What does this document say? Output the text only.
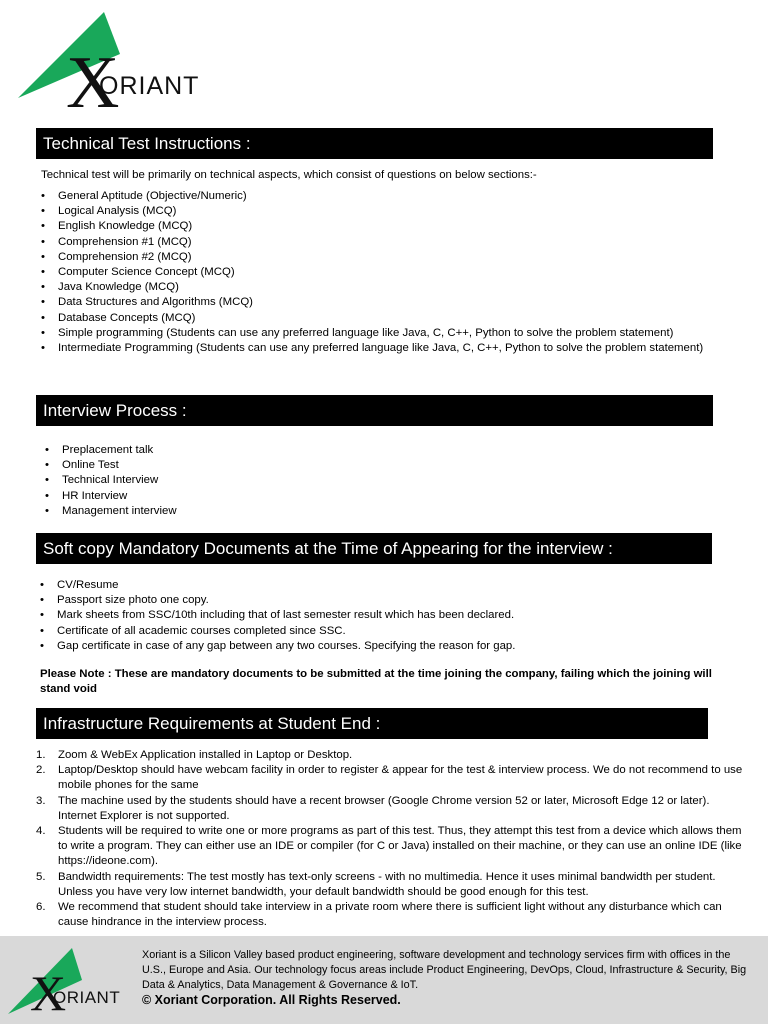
X
ORIANT
Technical Test Instructions :
Technical test will be primarily on technical aspects, which consist of questions on below sections:-
• General Aptitude (Objective/Numeric)
• Logical Analysis (MCQ)
• English Knowledge (MCQ)
• Comprehension #1 (MCQ)
• Comprehension #2 (MCQ)
• Computer Science Concept (MCQ)
• Java Knowledge (MCQ)
• Data Structures and Algorithms (MCQ)
• Database Concepts (MCQ)
• Simple programming (Students can use any preferred language like Java, C, C++, Python to solve the problem statement)
• Intermediate Programming (Students can use any preferred language like Java, C, C++, Python to solve the problem statement)
Interview Process :
• Preplacement talk
• Online Test
• Technical Interview
• HR Interview
• Management interview
Soft copy Mandatory Documents at the Time of Appearing for the interview :
• CV/Resume
• Passport size photo one copy.
• Mark sheets from SSC/10th including that of last semester result which has been declared.
• Certificate of all academic courses completed since SSC.
• Gap certificate in case of any gap between any two courses. Specifying the reason for gap.
Please Note : These are mandatory documents to be submitted at the time joining the company, failing which the joining will stand void
Infrastructure Requirements at Student End :
1. Zoom & WebEx Application installed in Laptop or Desktop.
2. Laptop/Desktop should have webcam facility in order to register & appear for the test & interview process. We do not recommend to use mobile phones for the same
3. The machine used by the students should have a recent browser (Google Chrome version 52 or later, Microsoft Edge 12 or later). Internet Explorer is not supported.
4. Students will be required to write one or more programs as part of this test. Thus, they attempt this test from a device which allows them to write a program. They can either use an IDE or compiler (for C or Java) installed on their machine, or they can use an online IDE (like https://ideone.com).
5. Bandwidth requirements: The test mostly has text-only screens - with no multimedia. Hence it uses minimal bandwidth per student. Unless you have very low internet bandwidth, your default bandwidth should be good enough for this test.
6. We recommend that student should take interview in a private room where there is sufficient light without any disturbance which can cause hindrance in the interview process.
X
ORIANT
Xoriant is a Silicon Valley based product engineering, software development and technology services firm with offices in the U.S., Europe and Asia. Our technology focus areas include Product Engineering, DevOps, Cloud, Infrastructure & Security, Big Data & Analytics, Data Management & Governance & IoT.
© Xoriant Corporation. All Rights Reserved.
